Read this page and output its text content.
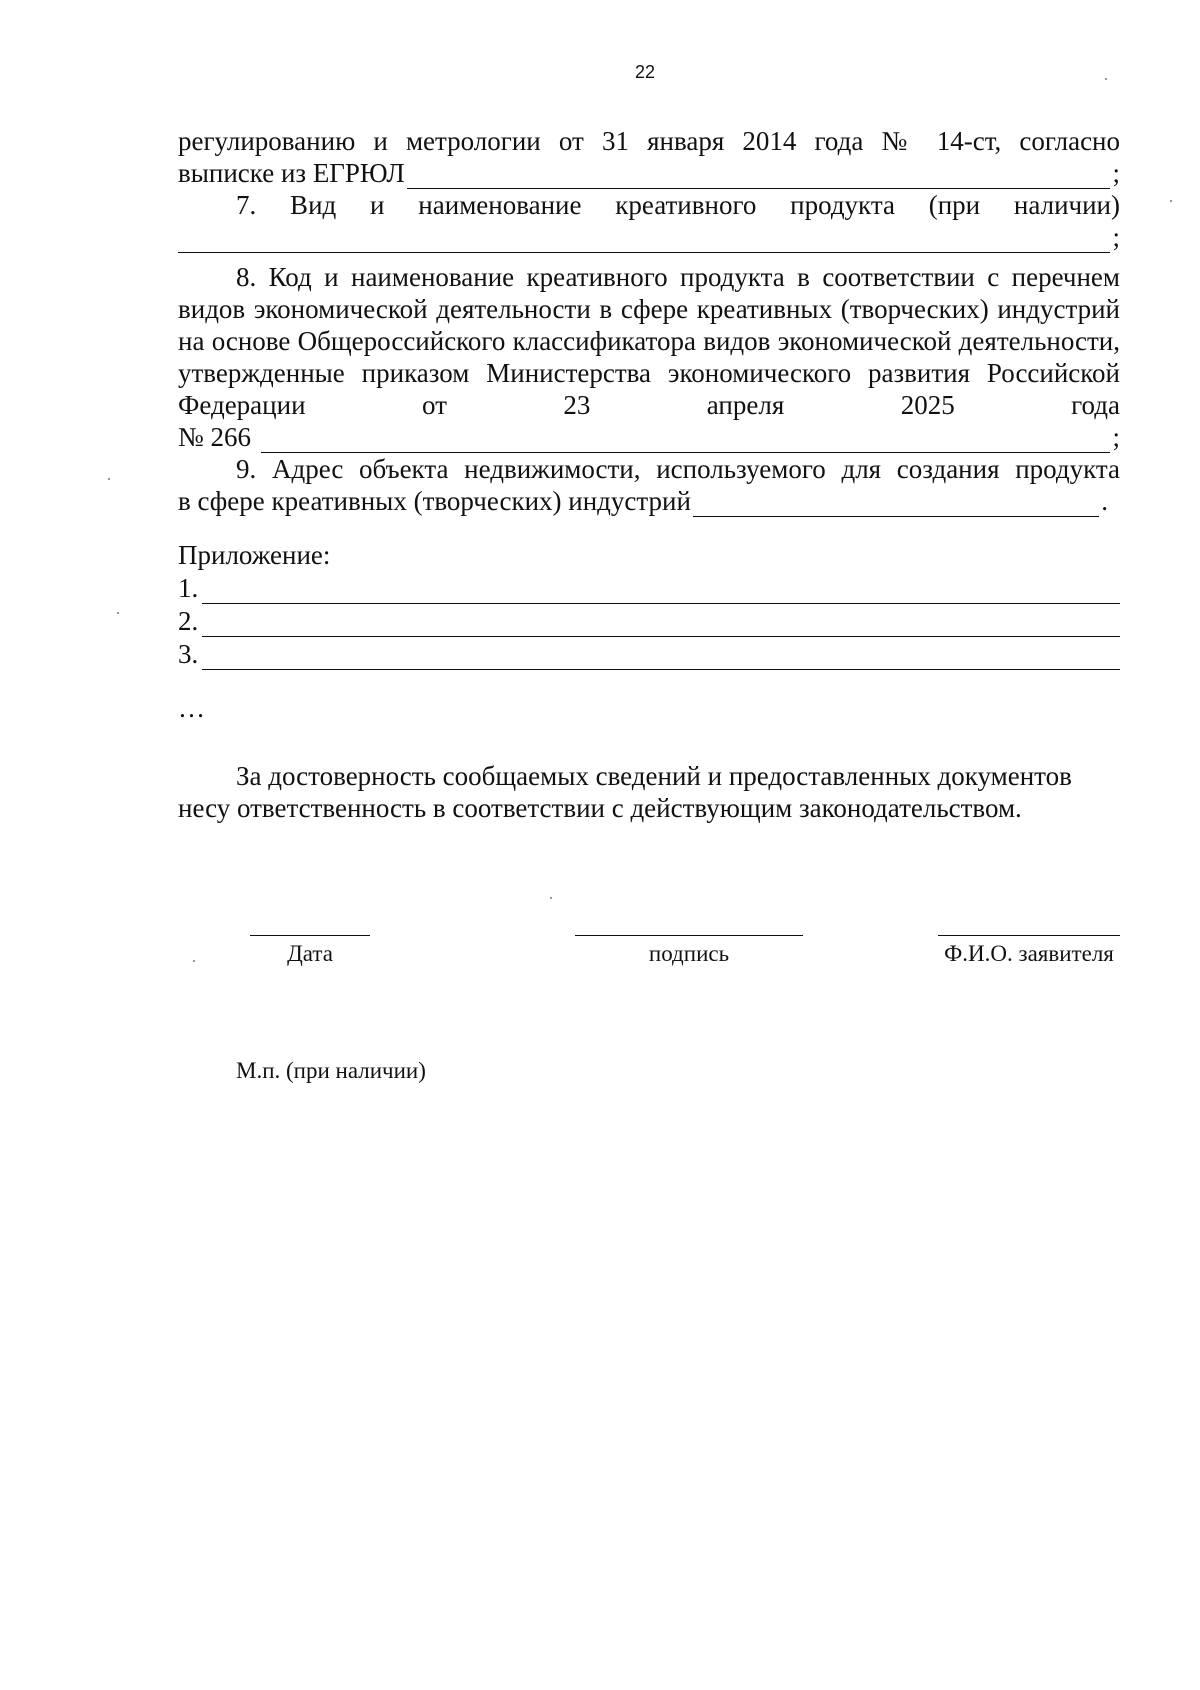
22
регулированию и метрологии от 31 января 2014 года № 14-ст, согласно
выписке из ЕГРЮЛ	;
7. Вид и наименование креативного продукта (при наличии)
;
8. Код и наименование креативного продукта в соответствии с перечнем видов экономической деятельности в сфере креативных (творческих) индустрий на основе Общероссийского классификатора видов экономической деятельности, утвержденные приказом Министерства экономического развития Российской Федерации от 23 апреля 2025 года
№ 266	;
9. Адрес объекта недвижимости, используемого для создания продукта
в сфере креативных (творческих) индустрий	.
Приложение:
1.
2.
3.
…
За достоверность сообщаемых сведений и предоставленных документов несу ответственность в соответствии с действующим законодательством.
Дата	подпись	Ф.И.О. заявителя
М.п. (при наличии)
